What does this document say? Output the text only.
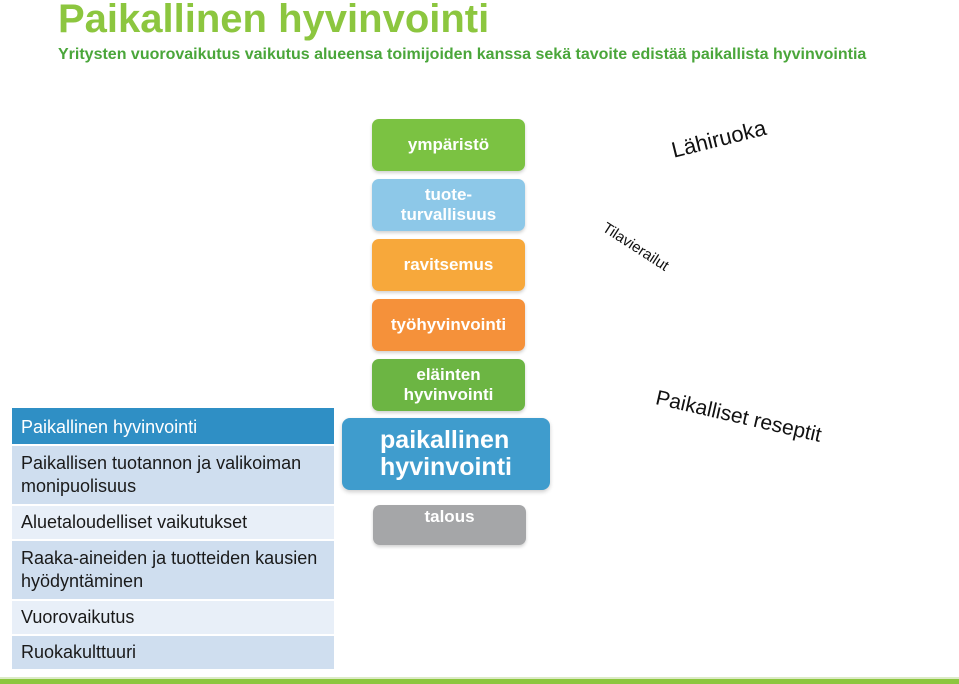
Paikallinen hyvinvointi

Yritysten vuorovaikutus vaikutus alueensa toimijoiden kanssa sekä tavoite edistää paikallista hyvinvointia

Paikallinen hyvinvointi
Paikallisen tuotannon ja valikoiman monipuolisuus
Aluetaloudelliset vaikutukset
Raaka-aineiden ja tuotteiden kausien hyödyntäminen
Vuorovaikutus
Ruokakulttuuri
ympäristö
tuote-
turvallisuus
ravitsemus
työhyvinvointi
eläinten
hyvinvointi
paikallinen
hyvinvointi
talous
Lähiruoka
Tilavierailut
Paikalliset reseptit
